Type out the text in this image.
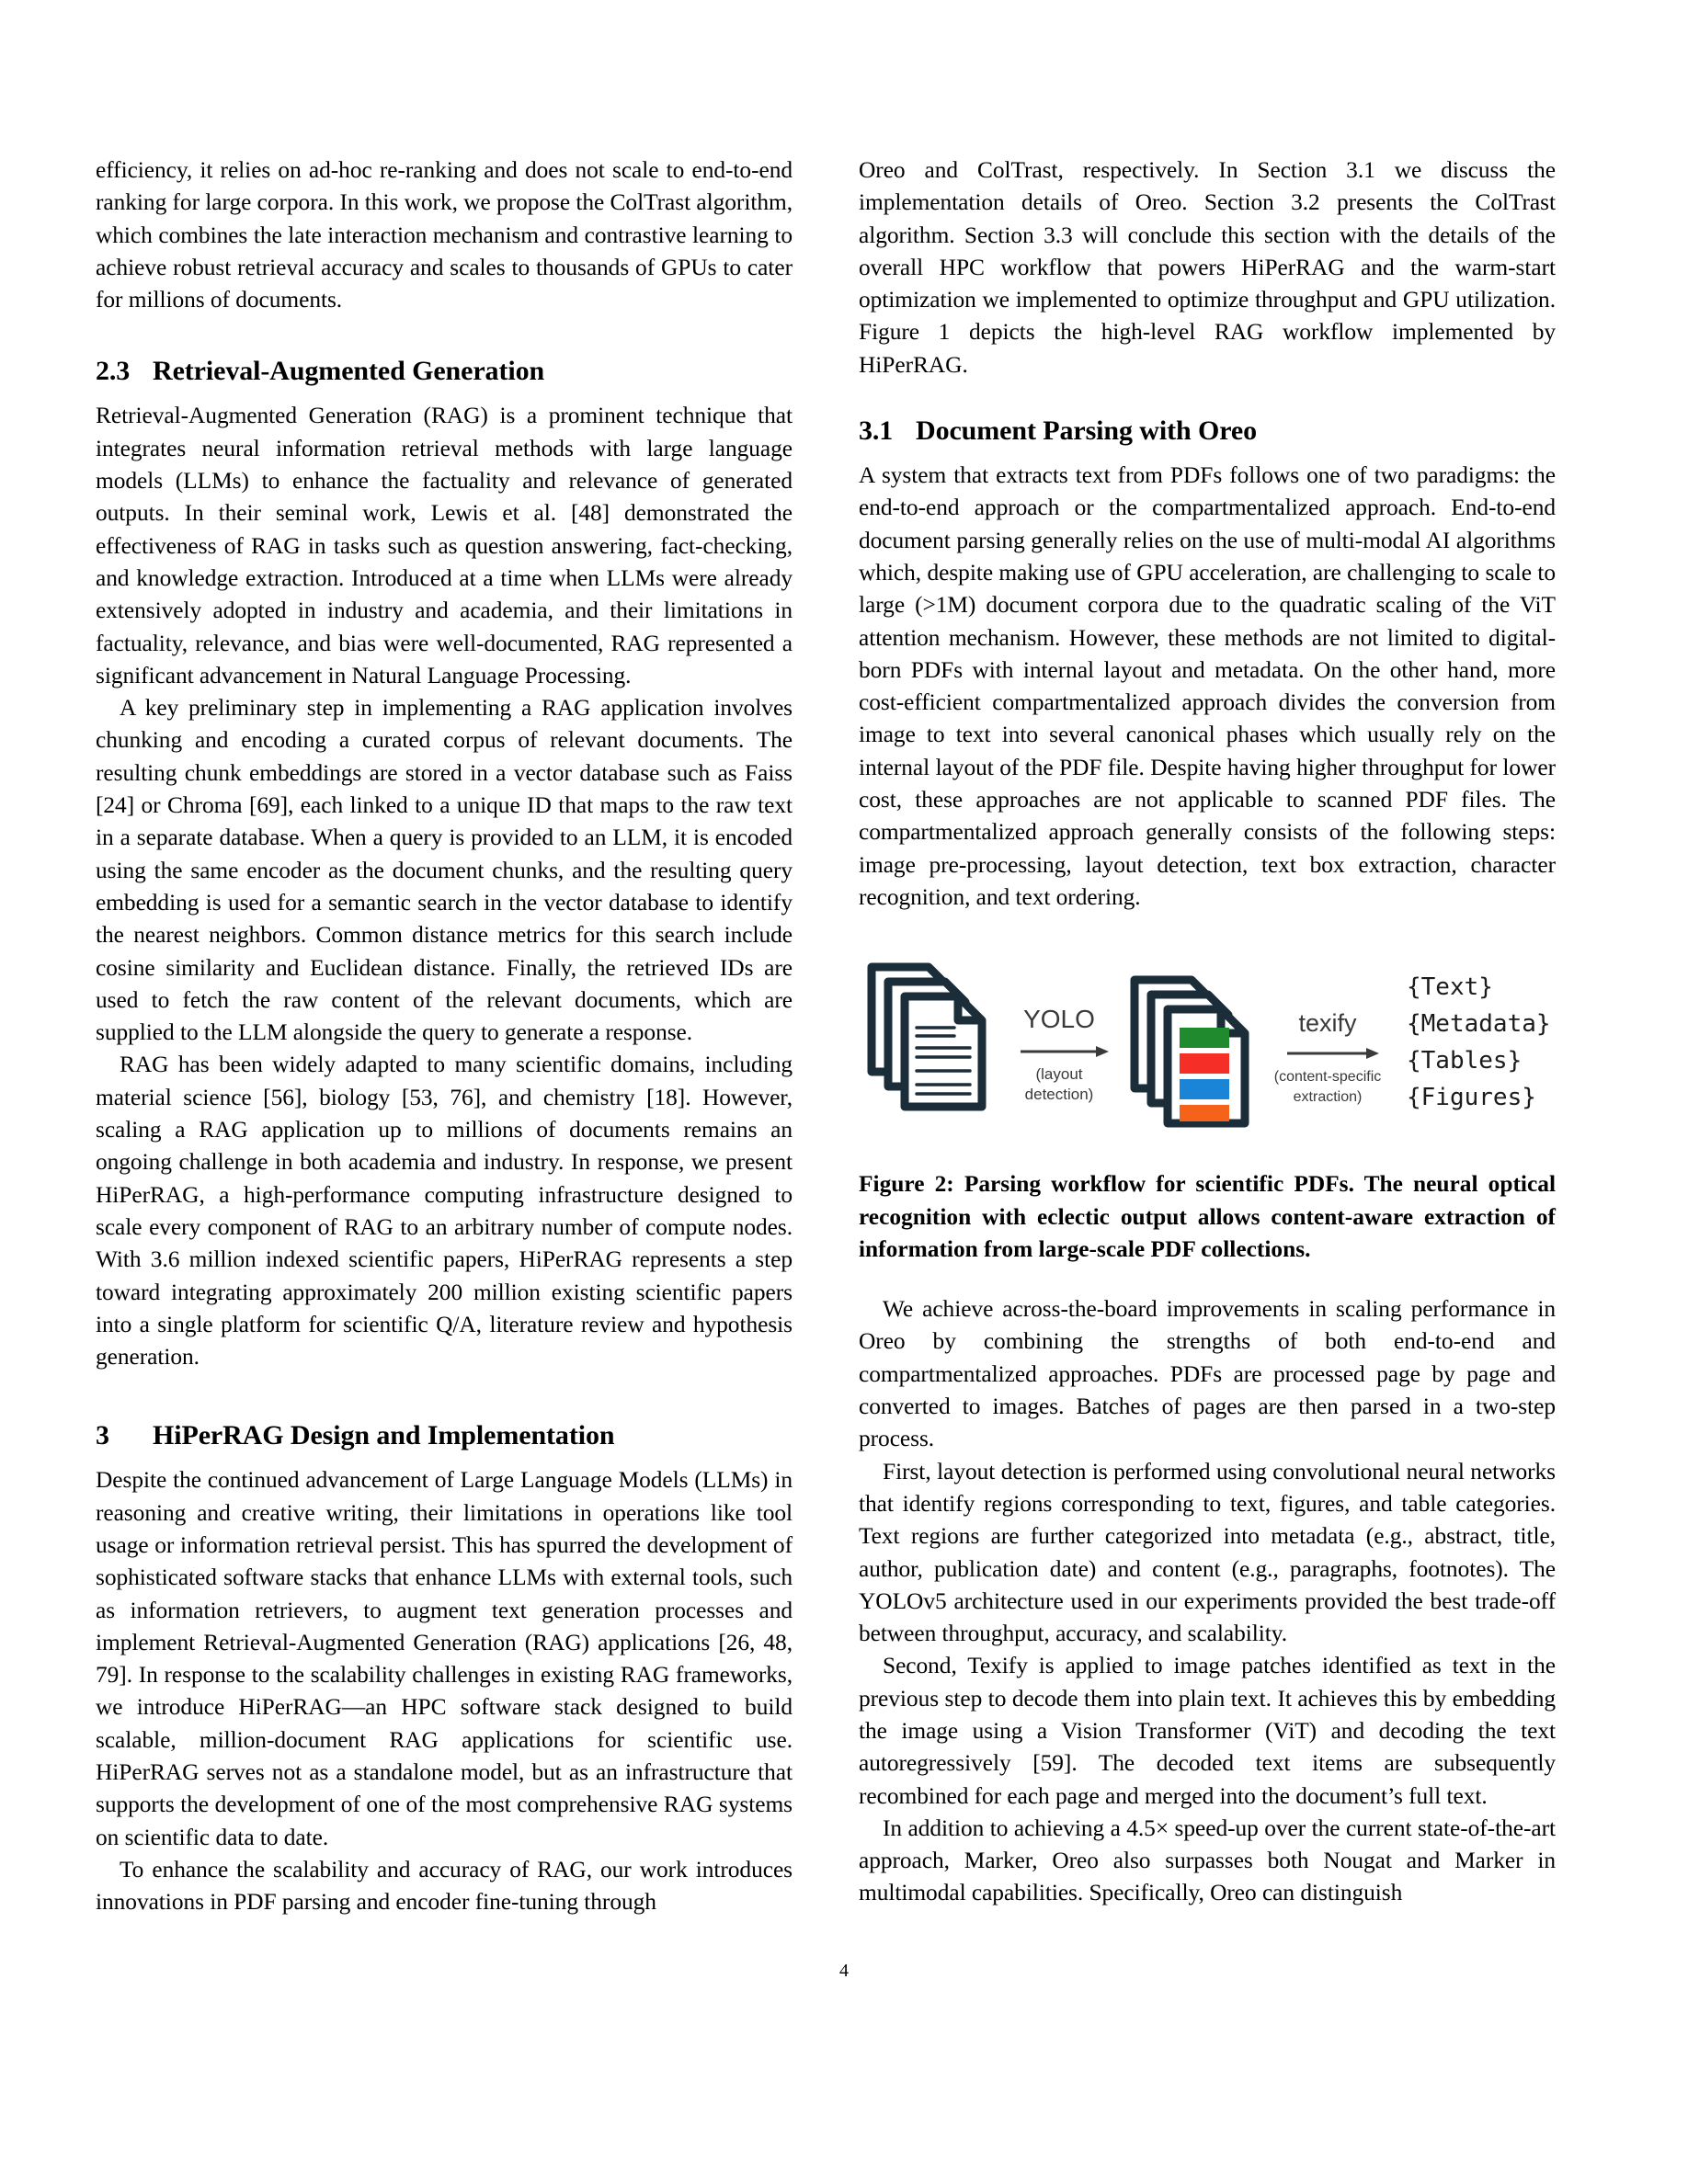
efficiency, it relies on ad-hoc re-ranking and does not scale to end-to-end ranking for large corpora. In this work, we propose the ColTrast algorithm, which combines the late interaction mechanism and contrastive learning to achieve robust retrieval accuracy and scales to thousands of GPUs to cater for millions of documents.

2.3 Retrieval-Augmented Generation

Retrieval-Augmented Generation (RAG) is a prominent technique that integrates neural information retrieval methods with large language models (LLMs) to enhance the factuality and relevance of generated outputs. In their seminal work, Lewis et al. [48] demonstrated the effectiveness of RAG in tasks such as question answering, fact-checking, and knowledge extraction. Introduced at a time when LLMs were already extensively adopted in industry and academia, and their limitations in factuality, relevance, and bias were well-documented, RAG represented a significant advancement in Natural Language Processing.

A key preliminary step in implementing a RAG application involves chunking and encoding a curated corpus of relevant documents. The resulting chunk embeddings are stored in a vector database such as Faiss [24] or Chroma [69], each linked to a unique ID that maps to the raw text in a separate database. When a query is provided to an LLM, it is encoded using the same encoder as the document chunks, and the resulting query embedding is used for a semantic search in the vector database to identify the nearest neighbors. Common distance metrics for this search include cosine similarity and Euclidean distance. Finally, the retrieved IDs are used to fetch the raw content of the relevant documents, which are supplied to the LLM alongside the query to generate a response.

RAG has been widely adapted to many scientific domains, including material science [56], biology [53, 76], and chemistry [18]. However, scaling a RAG application up to millions of documents remains an ongoing challenge in both academia and industry. In response, we present HiPerRAG, a high-performance computing infrastructure designed to scale every component of RAG to an arbitrary number of compute nodes. With 3.6 million indexed scientific papers, HiPerRAG represents a step toward integrating approximately 200 million existing scientific papers into a single platform for scientific Q/A, literature review and hypothesis generation.

3 HiPerRAG Design and Implementation

Despite the continued advancement of Large Language Models (LLMs) in reasoning and creative writing, their limitations in operations like tool usage or information retrieval persist. This has spurred the development of sophisticated software stacks that enhance LLMs with external tools, such as information retrievers, to augment text generation processes and implement Retrieval-Augmented Generation (RAG) applications [26, 48, 79]. In response to the scalability challenges in existing RAG frameworks, we introduce HiPerRAG—an HPC software stack designed to build scalable, million-document RAG applications for scientific use. HiPerRAG serves not as a standalone model, but as an infrastructure that supports the development of one of the most comprehensive RAG systems on scientific data to date.

To enhance the scalability and accuracy of RAG, our work introduces innovations in PDF parsing and encoder fine-tuning through

Oreo and ColTrast, respectively. In Section 3.1 we discuss the implementation details of Oreo. Section 3.2 presents the ColTrast algorithm. Section 3.3 will conclude this section with the details of the overall HPC workflow that powers HiPerRAG and the warm-start optimization we implemented to optimize throughput and GPU utilization. Figure 1 depicts the high-level RAG workflow implemented by HiPerRAG.

3.1 Document Parsing with Oreo

A system that extracts text from PDFs follows one of two paradigms: the end-to-end approach or the compartmentalized approach. End-to-end document parsing generally relies on the use of multi-modal AI algorithms which, despite making use of GPU acceleration, are challenging to scale to large (>1M) document corpora due to the quadratic scaling of the ViT attention mechanism. However, these methods are not limited to digital-born PDFs with internal layout and metadata. On the other hand, more cost-efficient compartmentalized approach divides the conversion from image to text into several canonical phases which usually rely on the internal layout of the PDF file. Despite having higher throughput for lower cost, these approaches are not applicable to scanned PDF files. The compartmentalized approach generally consists of the following steps: image pre-processing, layout detection, text box extraction, character recognition, and text ordering.

YOLO
(layout
detection)
texify
(content-specific
extraction)
{Text}
{Metadata}
{Tables}
{Figures}

Figure 2: Parsing workflow for scientific PDFs. The neural optical recognition with eclectic output allows content-aware extraction of information from large-scale PDF collections.

We achieve across-the-board improvements in scaling performance in Oreo by combining the strengths of both end-to-end and compartmentalized approaches. PDFs are processed page by page and converted to images. Batches of pages are then parsed in a two-step process.

First, layout detection is performed using convolutional neural networks that identify regions corresponding to text, figures, and table categories. Text regions are further categorized into metadata (e.g., abstract, title, author, publication date) and content (e.g., paragraphs, footnotes). The YOLOv5 architecture used in our experiments provided the best trade-off between throughput, accuracy, and scalability.

Second, Texify is applied to image patches identified as text in the previous step to decode them into plain text. It achieves this by embedding the image using a Vision Transformer (ViT) and decoding the text autoregressively [59]. The decoded text items are subsequently recombined for each page and merged into the document’s full text.

In addition to achieving a 4.5× speed-up over the current state-of-the-art approach, Marker, Oreo also surpasses both Nougat and Marker in multimodal capabilities. Specifically, Oreo can distinguish

4
